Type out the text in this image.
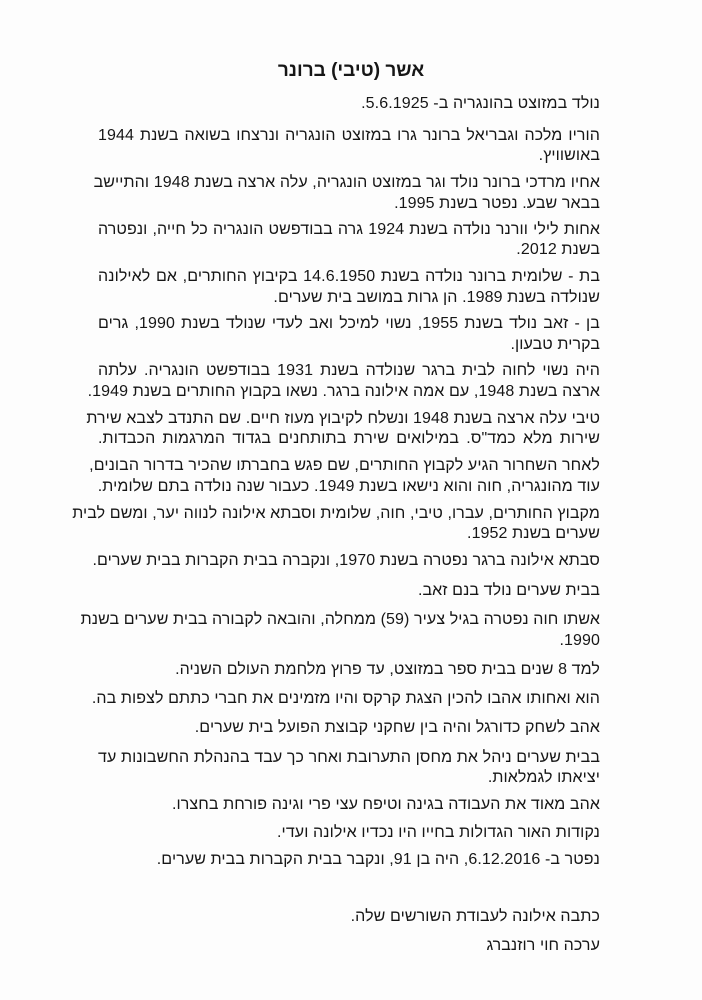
אשר (טיבי) ברונר
נולד במזוצט בהונגריה ב- 5.6.1925.
הוריו מלכה וגבריאל ברונר גרו במזוצט הונגריה ונרצחו בשואה בשנת 1944
באושוויץ.
אחיו מרדכי ברונר נולד וגר במזוצט הונגריה, עלה ארצה בשנת 1948 והתיישב
בבאר שבע. נפטר בשנת 1995.
אחות לילי וורנר נולדה בשנת 1924 גרה בבודפשט הונגריה כל חייה, ונפטרה
בשנת 2012.
בת - שלומית ברונר נולדה בשנת 14.6.1950 בקיבוץ החותרים, אם לאילונה
שנולדה בשנת 1989. הן גרות במושב בית שערים.
בן - זאב נולד בשנת 1955, נשוי למיכל ואב לעדי שנולד בשנת 1990, גרים
בקרית טבעון.
היה נשוי לחוה לבית ברגר שנולדה בשנת 1931 בבודפשט הונגריה. עלתה
ארצה בשנת 1948, עם אמה אילונה ברגר. נשאו בקבוץ החותרים בשנת 1949.
טיבי עלה ארצה בשנת 1948 ונשלח לקיבוץ מעוז חיים. שם התנדב לצבא שירת
שירות מלא כמד"ס. במילואים שירת בתותחנים בגדוד המרגמות הכבדות.
לאחר השחרור הגיע לקבוץ החותרים, שם פגש בחברתו שהכיר בדרור הבונים,
עוד מהונגריה, חוה והוא נישאו בשנת 1949. כעבור שנה נולדה בתם שלומית.
מקבוץ החותרים, עברו, טיבי, חוה, שלומית וסבתא אילונה לנווה יער, ומשם לבית
שערים בשנת 1952.
סבתא אילונה ברגר נפטרה בשנת 1970, ונקברה בבית הקברות בבית שערים.
בבית שערים נולד בנם זאב.
אשתו חוה נפטרה בגיל צעיר (59) ממחלה, והובאה לקבורה בבית שערים בשנת
1990.
למד 8 שנים בבית ספר במזוצט, עד פרוץ מלחמת העולם השניה.
הוא ואחותו אהבו להכין הצגת קרקס והיו מזמינים את חברי כתתם לצפות בה.
אהב לשחק כדורגל והיה בין שחקני קבוצת הפועל בית שערים.
בבית שערים ניהל את מחסן התערובת ואחר כך עבד בהנהלת החשבונות עד
יציאתו לגמלאות.
אהב מאוד את העבודה בגינה וטיפח עצי פרי וגינה פורחת בחצרו.
נקודות האור הגדולות בחייו היו נכדיו אילונה ועדי.
נפטר ב- 6.12.2016, היה בן 91, ונקבר בבית הקברות בבית שערים.
כתבה אילונה לעבודת השורשים שלה.
ערכה חוי רוזנברג
